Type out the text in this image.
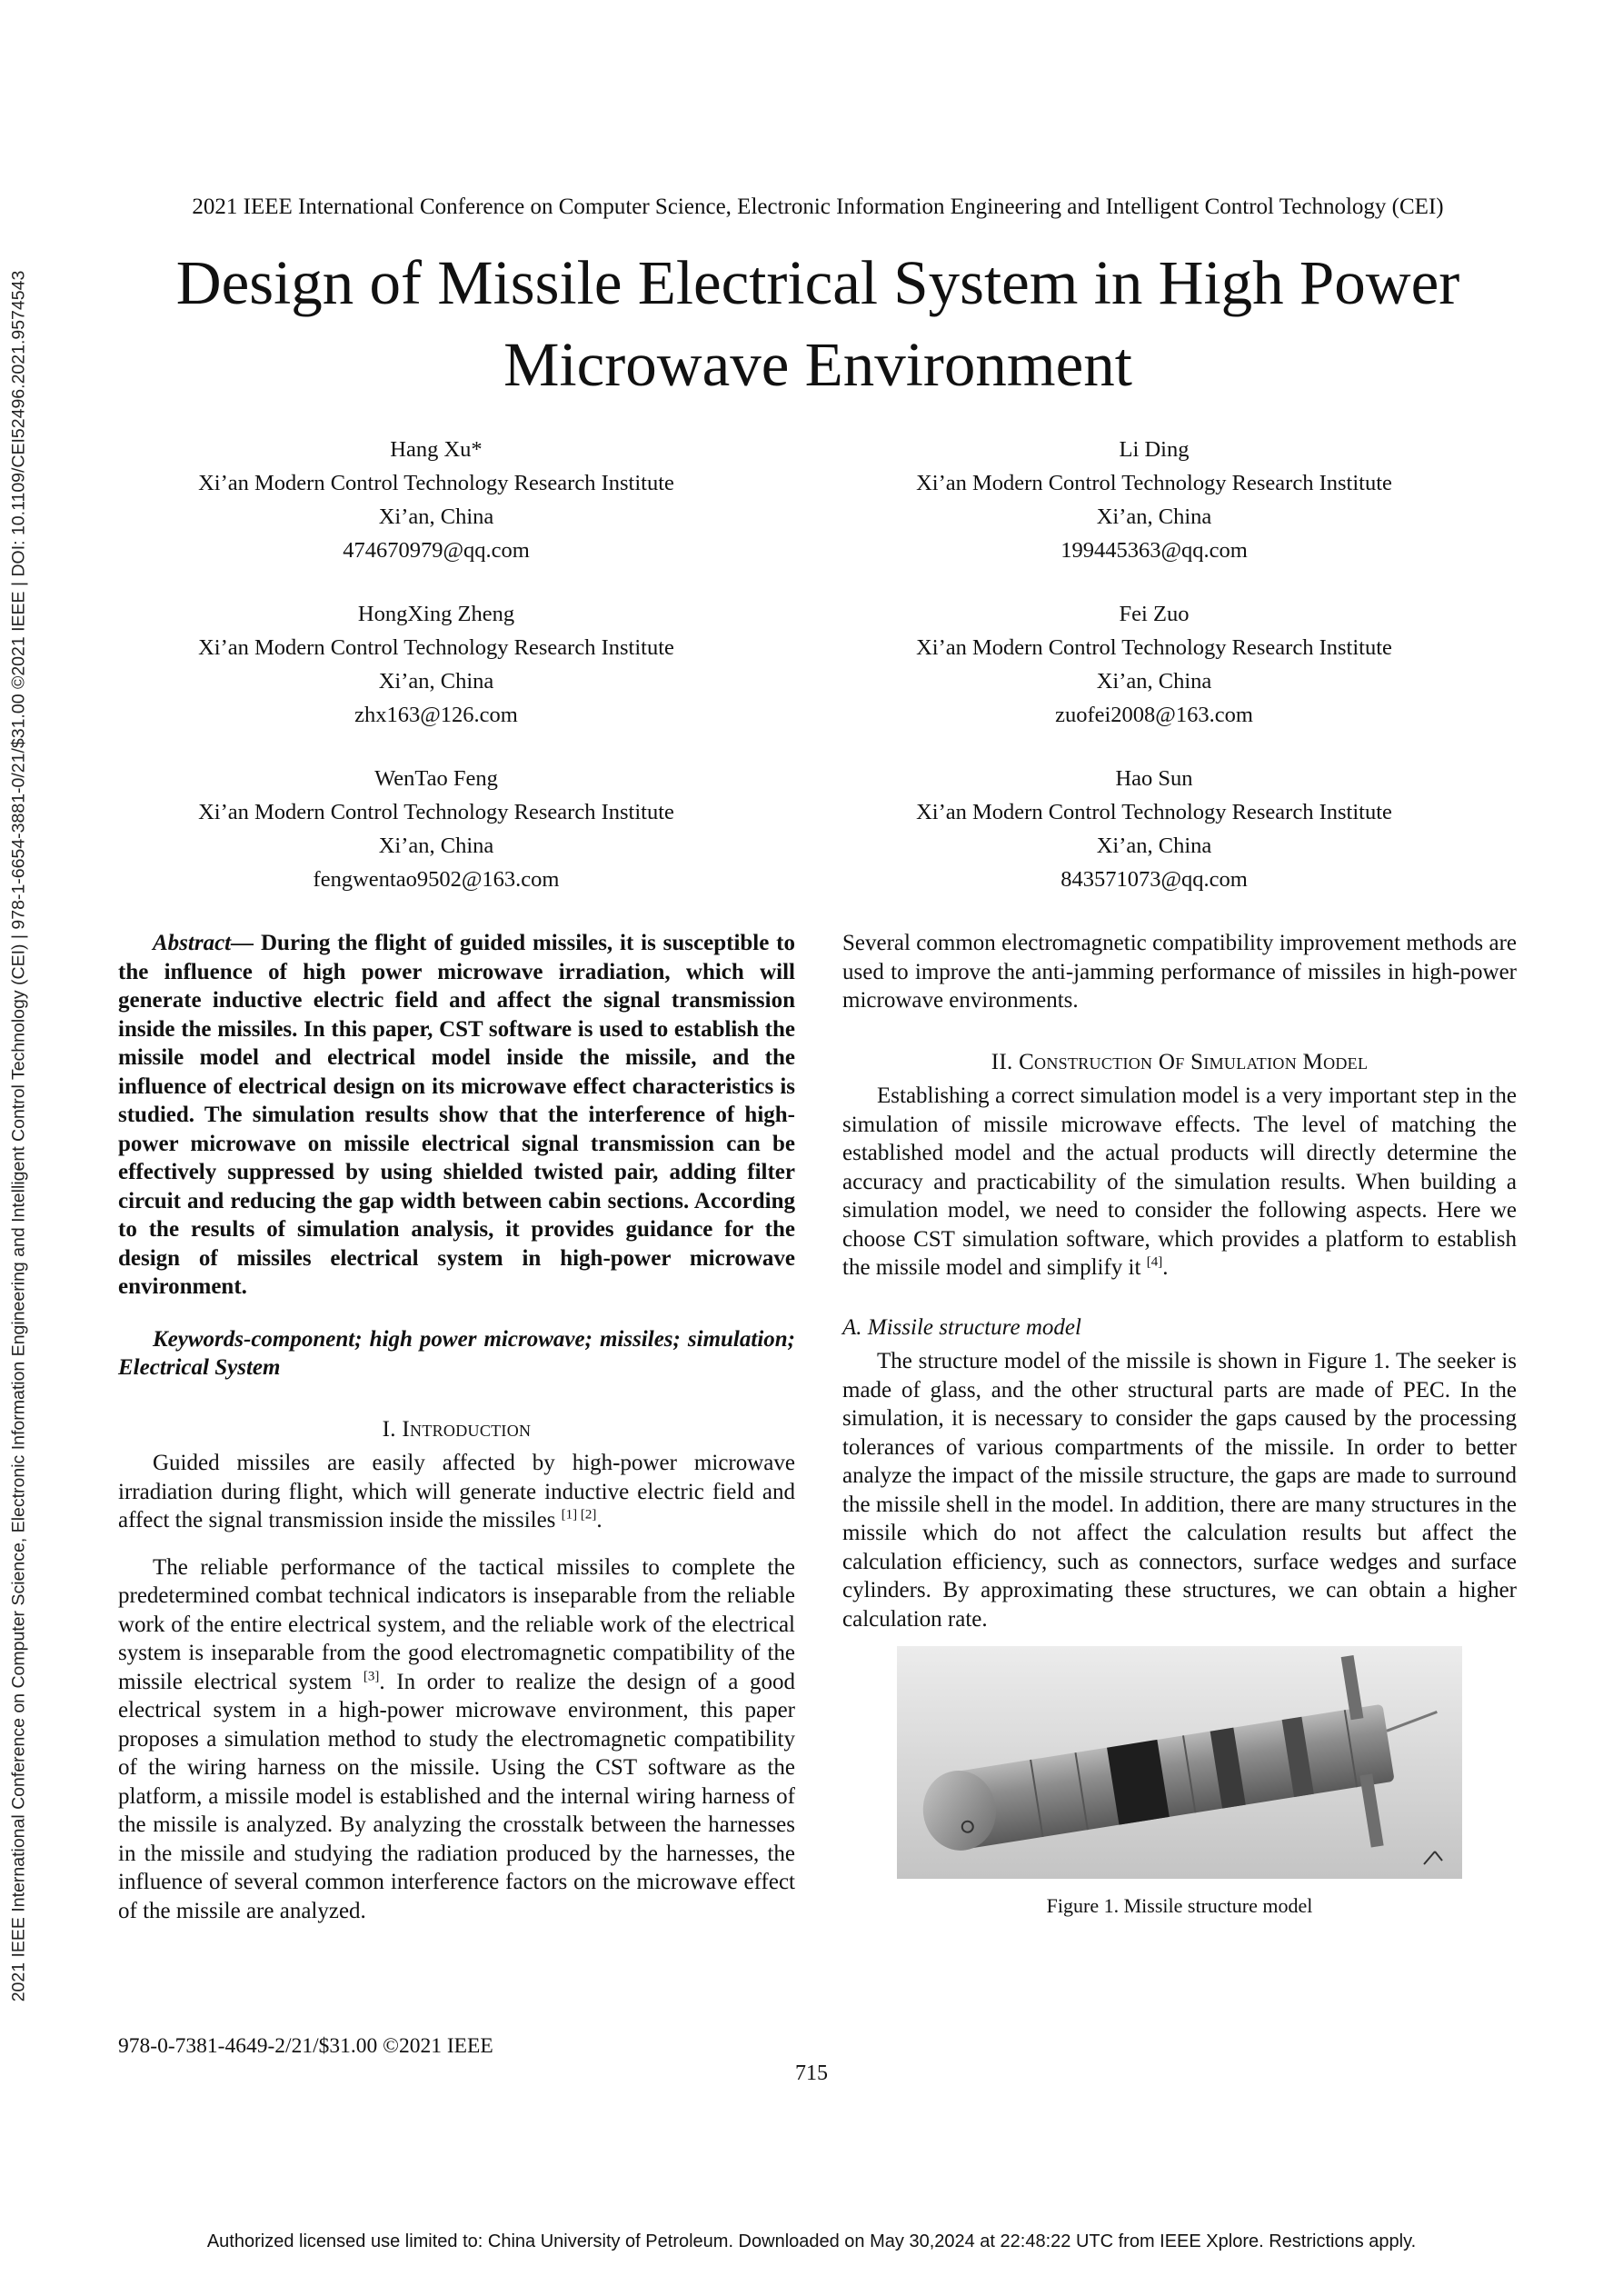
2021 IEEE International Conference on Computer Science, Electronic Information Engineering and Intelligent Control Technology (CEI) | 978-1-6654-3881-0/21/$31.00 ©2021 IEEE | DOI: 10.1109/CEI52496.2021.9574543
2021 IEEE International Conference on Computer Science, Electronic Information Engineering and Intelligent Control Technology (CEI)
Design of Missile Electrical System in High Power
Microwave Environment
Hang Xu*
Xi’an Modern Control Technology Research Institute
Xi’an, China
474670979@qq.com
Li Ding
Xi’an Modern Control Technology Research Institute
Xi’an, China
199445363@qq.com
HongXing Zheng
Xi’an Modern Control Technology Research Institute
Xi’an, China
zhx163@126.com
Fei Zuo
Xi’an Modern Control Technology Research Institute
Xi’an, China
zuofei2008@163.com
WenTao Feng
Xi’an Modern Control Technology Research Institute
Xi’an, China
fengwentao9502@163.com
Hao Sun
Xi’an Modern Control Technology Research Institute
Xi’an, China
843571073@qq.com

Abstract— During the flight of guided missiles, it is susceptible to the influence of high power microwave irradiation, which will generate inductive electric field and affect the signal transmission inside the missiles. In this paper, CST software is used to establish the missile model and electrical model inside the missile, and the influence of electrical design on its microwave effect characteristics is studied. The simulation results show that the interference of high-power microwave on missile electrical signal transmission can be effectively suppressed by using shielded twisted pair, adding filter circuit and reducing the gap width between cabin sections. According to the results of simulation analysis, it provides guidance for the design of missiles electrical system in high-power microwave environment.

Keywords-component; high power microwave; missiles; simulation; Electrical System

I. Introduction

Guided missiles are easily affected by high-power microwave irradiation during flight, which will generate inductive electric field and affect the signal transmission inside the missiles [1] [2].

The reliable performance of the tactical missiles to complete the predetermined combat technical indicators is inseparable from the reliable work of the entire electrical system, and the reliable work of the electrical system is inseparable from the good electromagnetic compatibility of the missile electrical system [3]. In order to realize the design of a good electrical system in a high-power microwave environment, this paper proposes a simulation method to study the electromagnetic compatibility of the wiring harness on the missile. Using the CST software as the platform, a missile model is established and the internal wiring harness of the missile is analyzed. By analyzing the crosstalk between the harnesses in the missile and studying the radiation produced by the harnesses, the influence of several common interference factors on the microwave effect of the missile are analyzed.

Several common electromagnetic compatibility improvement methods are used to improve the anti-jamming performance of missiles in high-power microwave environments.

II. Construction Of Simulation Model

Establishing a correct simulation model is a very important step in the simulation of missile microwave effects. The level of matching the established model and the actual products will directly determine the accuracy and practicability of the simulation results. When building a simulation model, we need to consider the following aspects. Here we choose CST simulation software, which provides a platform to establish the missile model and simplify it [4].

A. Missile structure model

The structure model of the missile is shown in Figure 1. The seeker is made of glass, and the other structural parts are made of PEC. In the simulation, it is necessary to consider the gaps caused by the processing tolerances of various compartments of the missile. In order to better analyze the impact of the missile structure, the gaps are made to surround the missile shell in the model. In addition, there are many structures in the missile which do not affect the calculation results but affect the calculation efficiency, such as connectors, surface wedges and surface cylinders. By approximating these structures, we can obtain a higher calculation rate.

Figure 1. Missile structure model
978-0-7381-4649-2/21/$31.00 ©2021 IEEE
715
Authorized licensed use limited to: China University of Petroleum. Downloaded on May 30,2024 at 22:48:22 UTC from IEEE Xplore. Restrictions apply.
